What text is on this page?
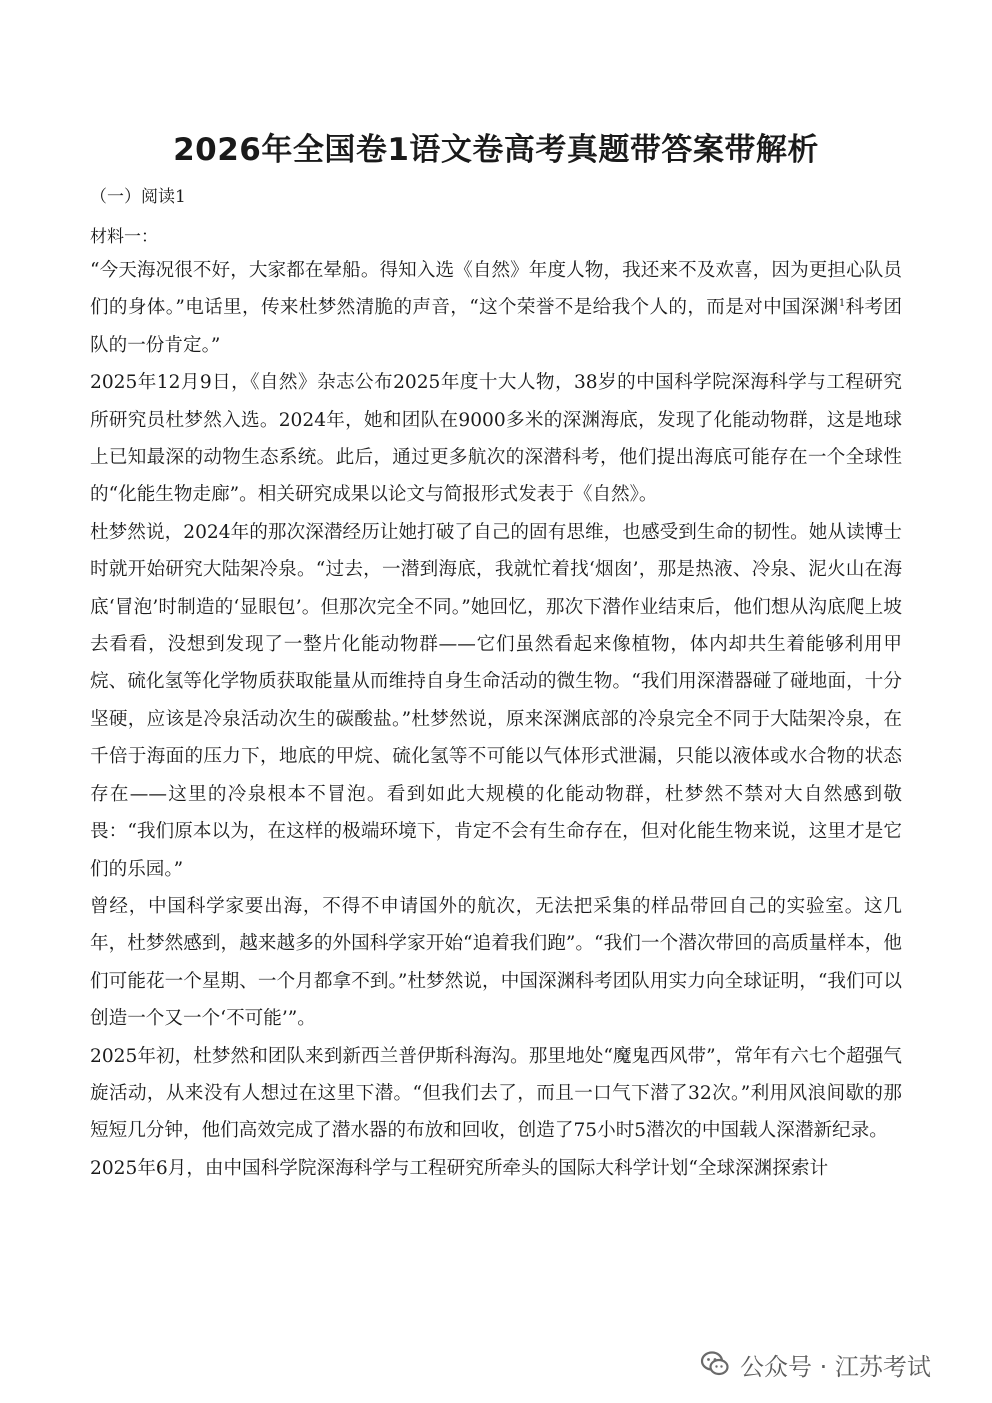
2026年全国卷1语文卷高考真题带答案带解析
（一）阅读1
材料一：

“今天海况很不好，大家都在晕船。得知入选《自然》年度人物，我还来不及欢喜，因为更担心队员们的身体。”电话里，传来杜梦然清脆的声音，“这个荣誉不是给我个人的，而是对中国深渊$^1$科考团队的一份肯定。”

2025年12月9日，《自然》杂志公布2025年度十大人物，38岁的中国科学院深海科学与工程研究所研究员杜梦然入选。2024年，她和团队在9000多米的深渊海底，发现了化能动物群，这是地球上已知最深的动物生态系统。此后，通过更多航次的深潜科考，他们提出海底可能存在一个全球性的“化能生物走廊”。相关研究成果以论文与简报形式发表于《自然》。

杜梦然说，2024年的那次深潜经历让她打破了自己的固有思维，也感受到生命的韧性。她从读博士时就开始研究大陆架冷泉。“过去，一潜到海底，我就忙着找‘烟囱’，那是热液、冷泉、泥火山在海底‘冒泡’时制造的‘显眼包’。但那次完全不同。”她回忆，那次下潜作业结束后，他们想从沟底爬上坡去看看，没想到发现了一整片化能动物群——它们虽然看起来像植物，体内却共生着能够利用甲烷、硫化氢等化学物质获取能量从而维持自身生命活动的微生物。“我们用深潜器碰了碰地面，十分坚硬，应该是冷泉活动次生的碳酸盐。”杜梦然说，原来深渊底部的冷泉完全不同于大陆架冷泉，在千倍于海面的压力下，地底的甲烷、硫化氢等不可能以气体形式泄漏，只能以液体或水合物的状态存在——这里的冷泉根本不冒泡。看到如此大规模的化能动物群，杜梦然不禁对大自然感到敬畏：“我们原本以为，在这样的极端环境下，肯定不会有生命存在，但对化能生物来说，这里才是它们的乐园。”

曾经，中国科学家要出海，不得不申请国外的航次，无法把采集的样品带回自己的实验室。这几年，杜梦然感到，越来越多的外国科学家开始“追着我们跑”。“我们一个潜次带回的高质量样本，他们可能花一个星期、一个月都拿不到。”杜梦然说，中国深渊科考团队用实力向全球证明，“我们可以创造一个又一个‘不可能’”。

2025年初，杜梦然和团队来到新西兰普伊斯科海沟。那里地处“魔鬼西风带”，常年有六七个超强气旋活动，从来没有人想过在这里下潜。“但我们去了，而且一口气下潜了32次。”利用风浪间歇的那短短几分钟，他们高效完成了潜水器的布放和回收，创造了75小时5潜次的中国载人深潜新纪录。

2025年6月，由中国科学院深海科学与工程研究所牵头的国际大科学计划“全球深渊探索计

公众号 · 江苏考试
